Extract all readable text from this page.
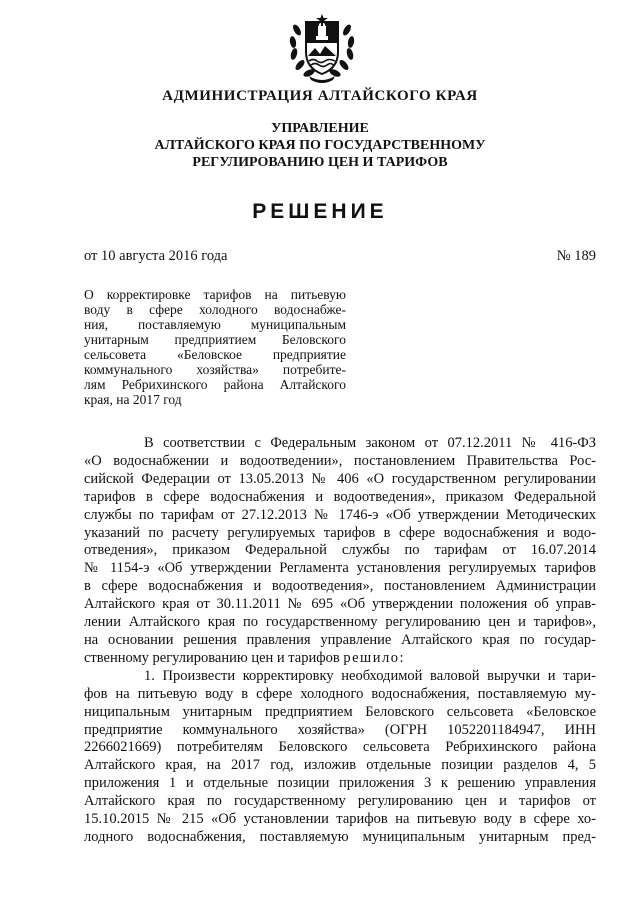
АДМИНИСТРАЦИЯ АЛТАЙСКОГО КРАЯ
УПРАВЛЕНИЕ
АЛТАЙСКОГО КРАЯ ПО ГОСУДАРСТВЕННОМУ
РЕГУЛИРОВАНИЮ ЦЕН И ТАРИФОВ
РЕШЕНИЕ
от 10 августа 2016 года	№ 189
О корректировке тарифов на питьевую
воду в сфере холодного водоснабже-
ния, поставляемую муниципальным
унитарным предприятием Беловского
сельсовета «Беловское предприятие
коммунального хозяйства» потребите-
лям Ребрихинского района Алтайского
края, на 2017 год
В соответствии с Федеральным законом от 07.12.2011 № 416-ФЗ
«О водоснабжении и водоотведении», постановлением Правительства Рос-
сийской Федерации от 13.05.2013 № 406 «О государственном регулировании
тарифов в сфере водоснабжения и водоотведения», приказом Федеральной
службы по тарифам от 27.12.2013 № 1746-э «Об утверждении Методических
указаний по расчету регулируемых тарифов в сфере водоснабжения и водо-
отведения», приказом Федеральной службы по тарифам от 16.07.2014
№ 1154-э «Об утверждении Регламента установления регулируемых тарифов
в сфере водоснабжения и водоотведения», постановлением Администрации
Алтайского края от 30.11.2011 № 695 «Об утверждении положения об управ-
лении Алтайского края по государственному регулированию цен и тарифов»,
на основании решения правления управление Алтайского края по государ-
ственному регулированию цен и тарифов решило:
1. Произвести корректировку необходимой валовой выручки и тари-
фов на питьевую воду в сфере холодного водоснабжения, поставляемую му-
ниципальным унитарным предприятием Беловского сельсовета «Беловское
предприятие коммунального хозяйства» (ОГРН 1052201184947, ИНН
2266021669) потребителям Беловского сельсовета Ребрихинского района
Алтайского края, на 2017 год, изложив отдельные позиции разделов 4, 5
приложения 1 и отдельные позиции приложения 3 к решению управления
Алтайского края по государственному регулированию цен и тарифов от
15.10.2015 № 215 «Об установлении тарифов на питьевую воду в сфере хо-
лодного водоснабжения, поставляемую муниципальным унитарным пред-
